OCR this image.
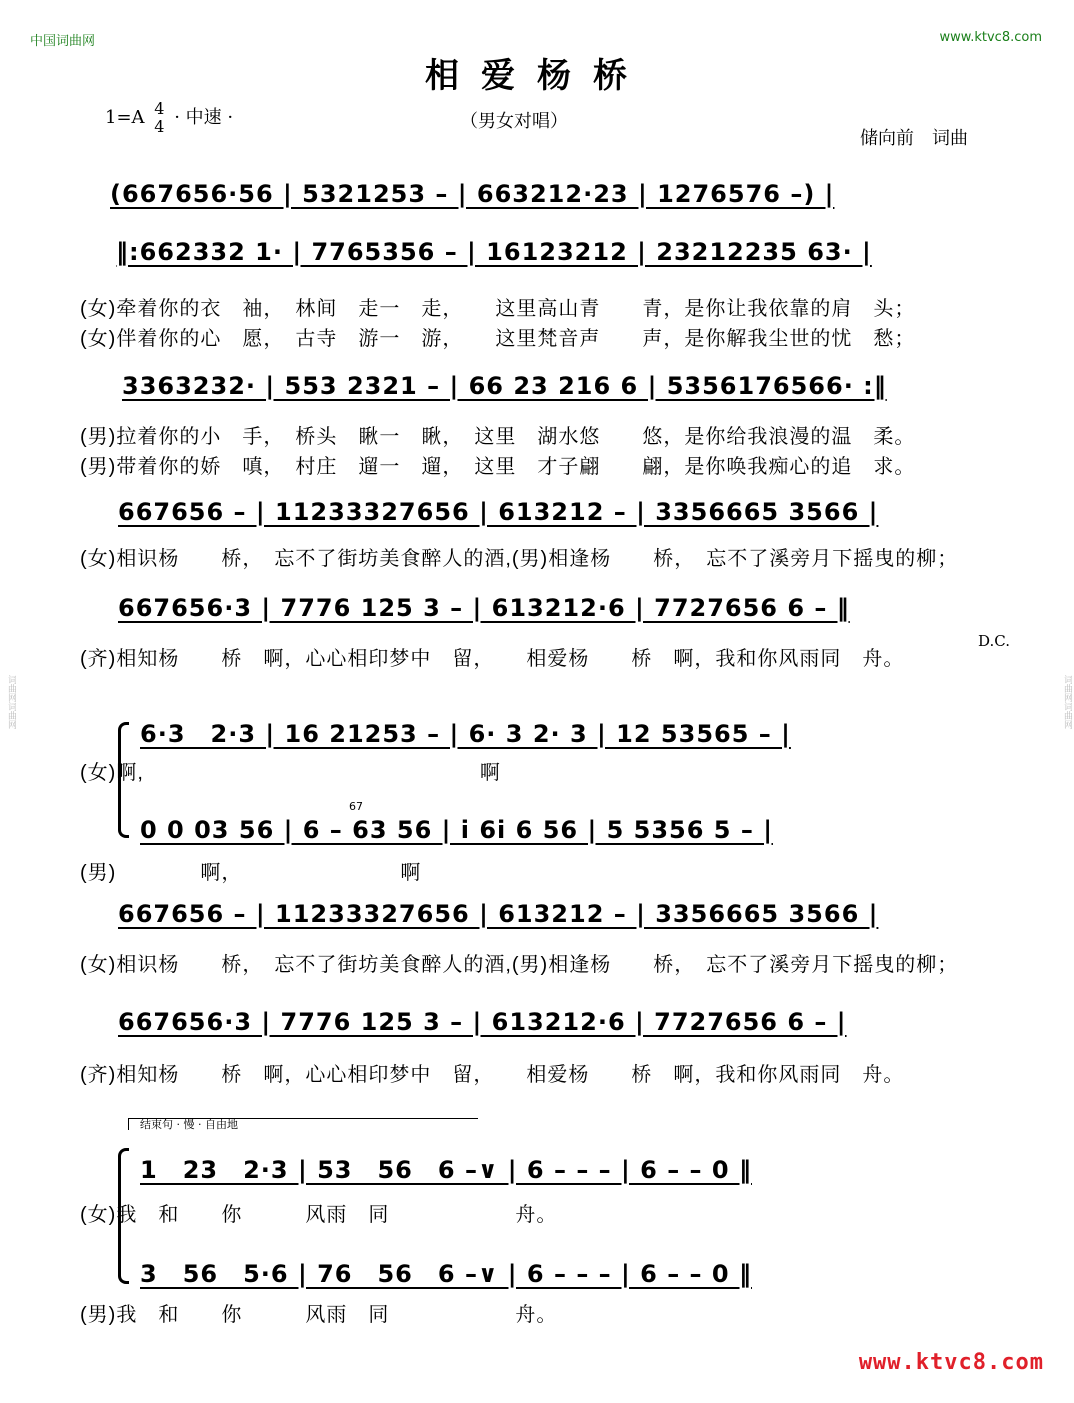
词曲网词曲网
词曲网词曲网
中国词曲网	www.ktvc8.com
相爱杨桥
1=A 4
4 · 中速 ·	（男女对唱）
储向前　词曲
(667656·56 | 5321253 – | 663212·23 | 1276576 –) |
‖:662332 1· | 7765356 – | 16123212 | 23212235 63· |
(女)牵着你的衣　袖，　林间　走一　走，　　这里高山青　　青，是你让我依靠的肩　头；
(女)伴着你的心　愿，　古寺　游一　游，　　这里梵音声　　声，是你解我尘世的忧　愁；
3363232· | 553 2321 – | 66 23 216 6 | 5356176566· :‖
(男)拉着你的小　手，　桥头　瞅一　瞅，　这里　湖水悠　　悠，是你给我浪漫的温　柔。
(男)带着你的娇　嗔，　村庄　遛一　遛，　这里　才子翩　　翩，是你唤我痴心的追　求。
667656 – | 11233327656 | 613212 – | 3356665 3566 |
(女)相识杨　　桥，　忘不了街坊美食醉人的酒,(男)相逢杨　　桥，　忘不了溪旁月下摇曳的柳；
667656·3 | 7776 125 3 – | 613212·6 | 7727656 6 – ‖
(齐)相知杨　　桥　啊，心心相印梦中　留，　　相爱杨　　桥　啊，我和你风雨同　舟。
6·3　2·3 | 16 21253 – | 6· 3 2· 3 | 12 53565 – |
(女)啊,　　　　　　　　　　　　　　　　啊
0 0 03 56 | 6 – 63 56 | i 6i 6 56 | 5 5356 5 – |
(男)　　　　啊，　　　　　　　　啊
667656 – | 11233327656 | 613212 – | 3356665 3566 |
(女)相识杨　　桥，　忘不了街坊美食醉人的酒,(男)相逢杨　　桥，　忘不了溪旁月下摇曳的柳；
667656·3 | 7776 125 3 – | 613212·6 | 7727656 6 – |
(齐)相知杨　　桥　啊，心心相印梦中　留，　　相爱杨　　桥　啊，我和你风雨同　舟。
1　23　2·3 | 53　56　6 –∨ | 6 – – – | 6 – – 0 ‖
(女)我　和　　你　　　风雨　同　　　　　　舟。
3　56　5·6 | 76　56　6 –∨ | 6 – – – | 6 – – 0 ‖
(男)我　和　　你　　　风雨　同　　　　　　舟。
D.C.
67
结束句 · 慢 · 自由地
www.ktvc8.com
